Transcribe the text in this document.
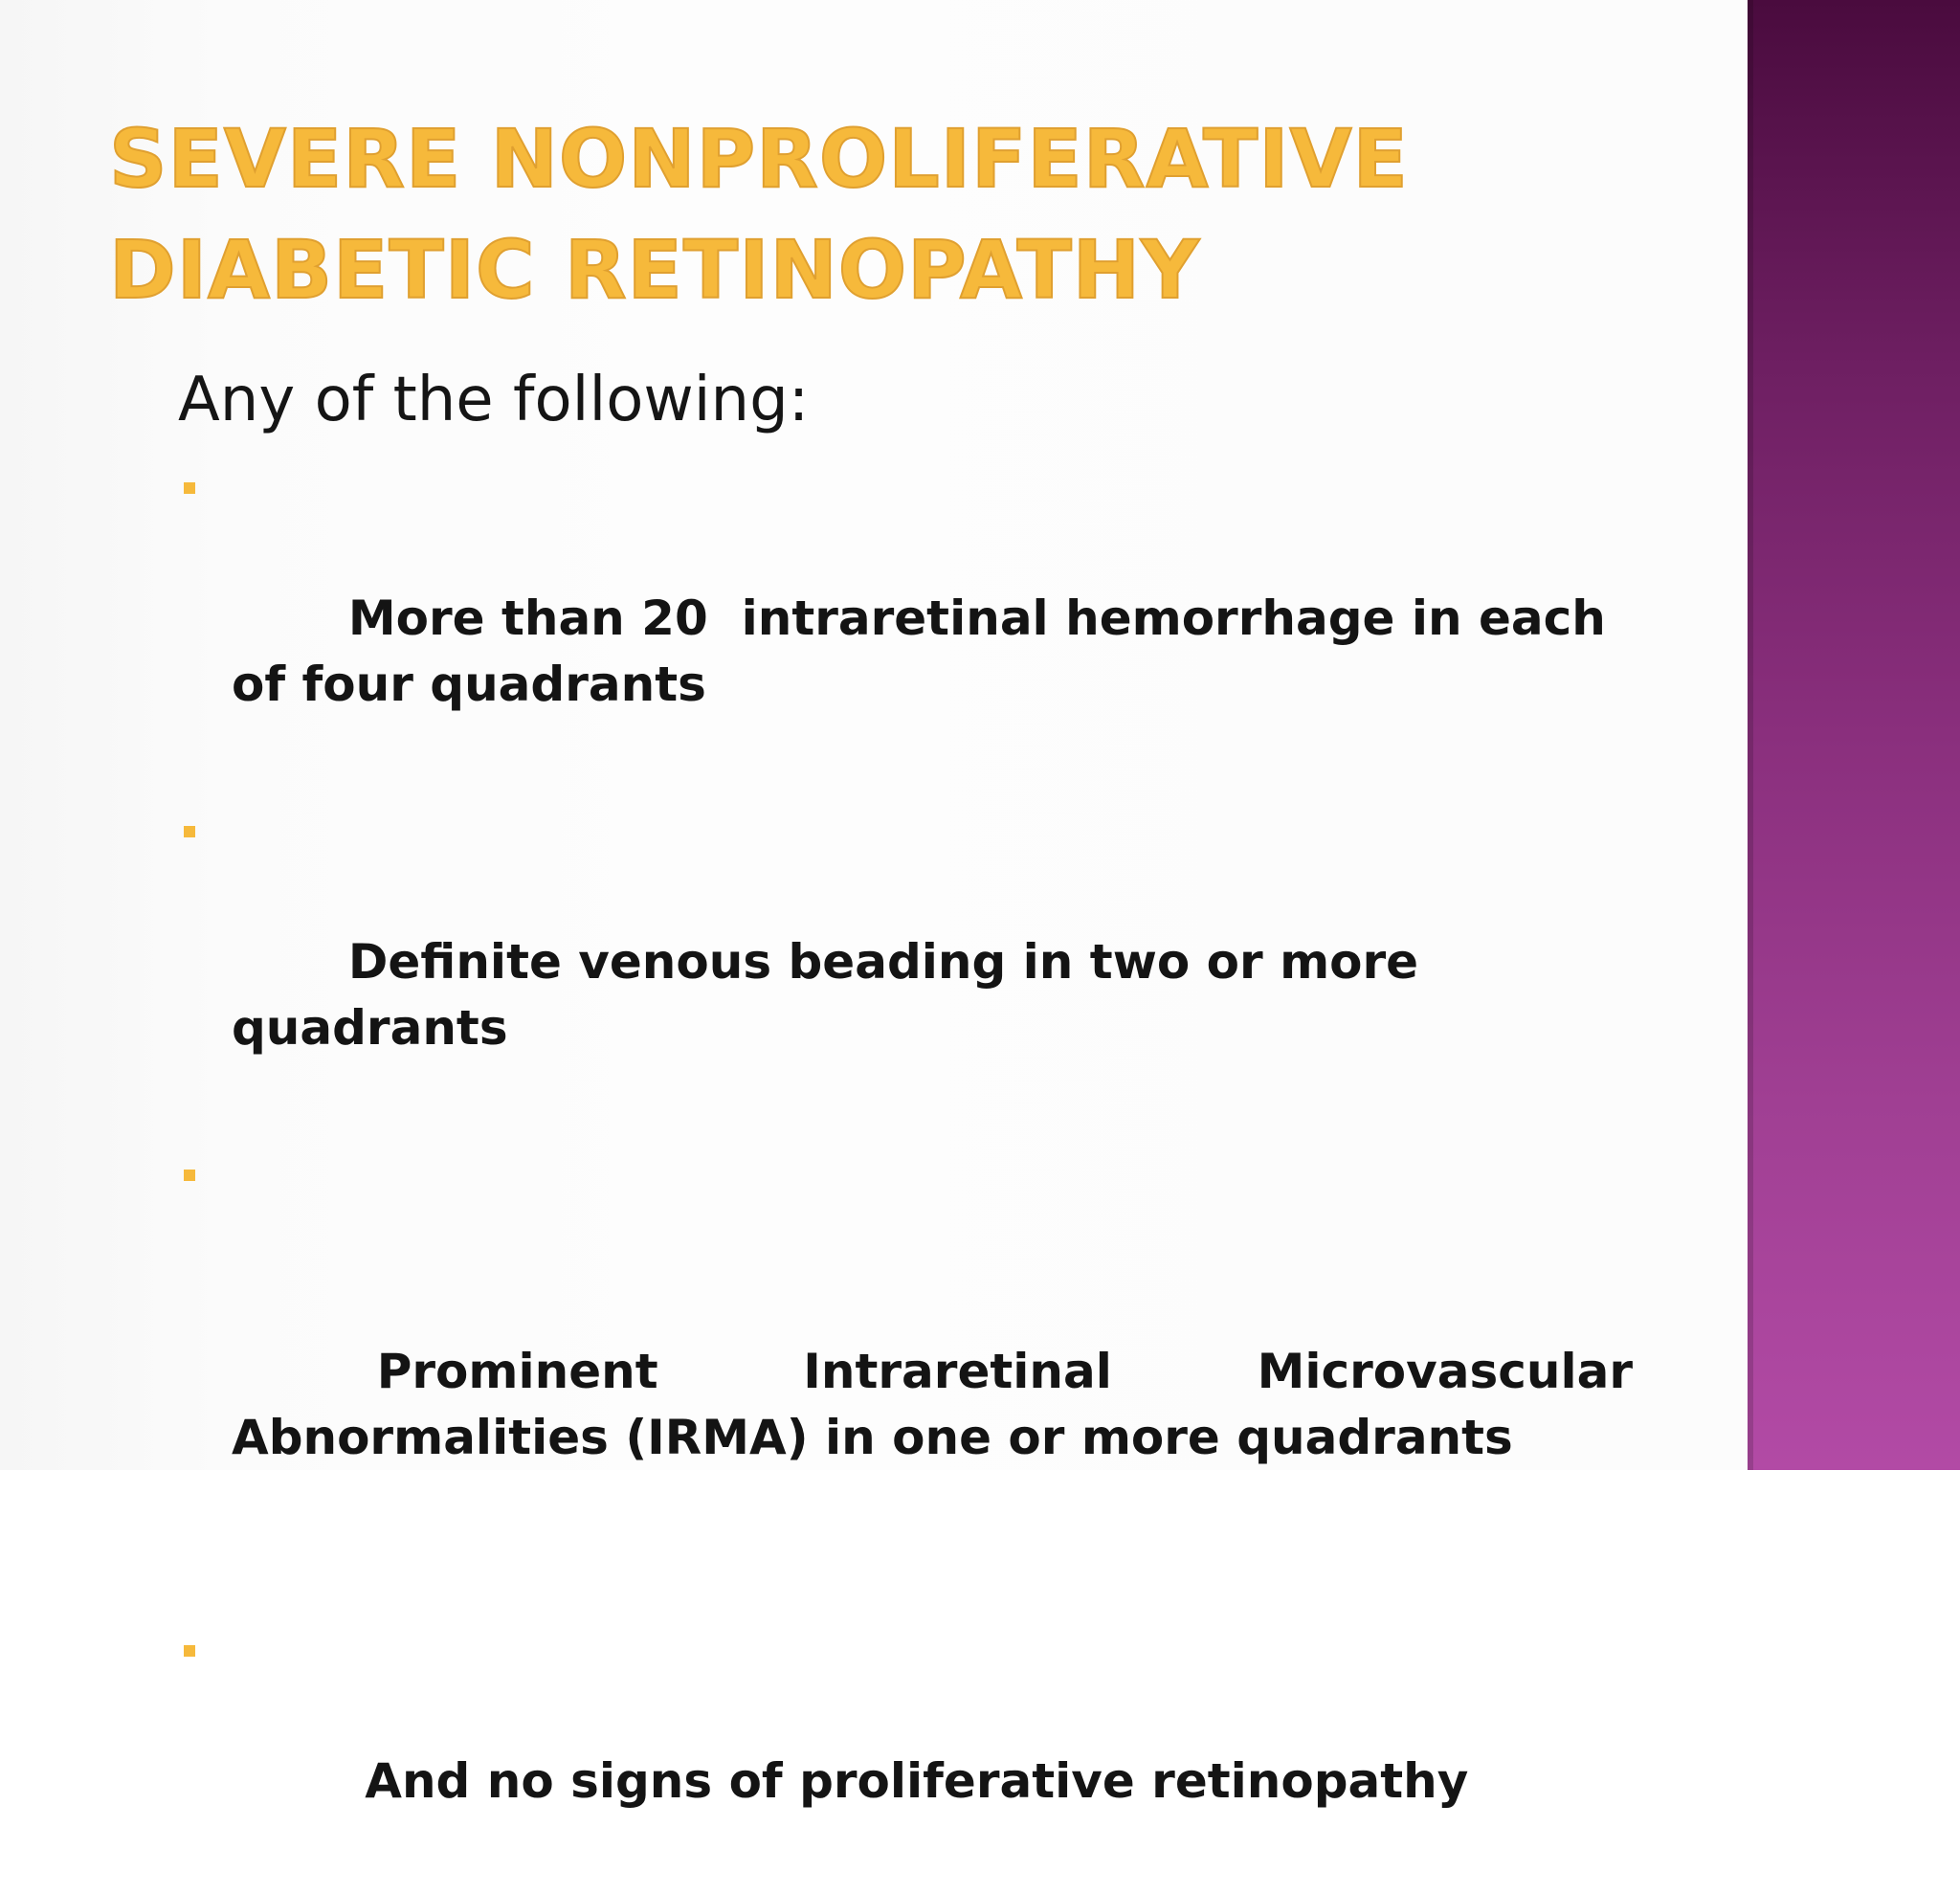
SEVERE NONPROLIFERATIVE
DIABETIC RETINOPATHY

Any of the following:

More than 20  intraretinal hemorrhage in each of four quadrants

Definite venous beading in two or more quadrants

Prominent Intraretinal Microvascular Abnormalities (IRMA) in one or more quadrants

And no signs of proliferative retinopathy
